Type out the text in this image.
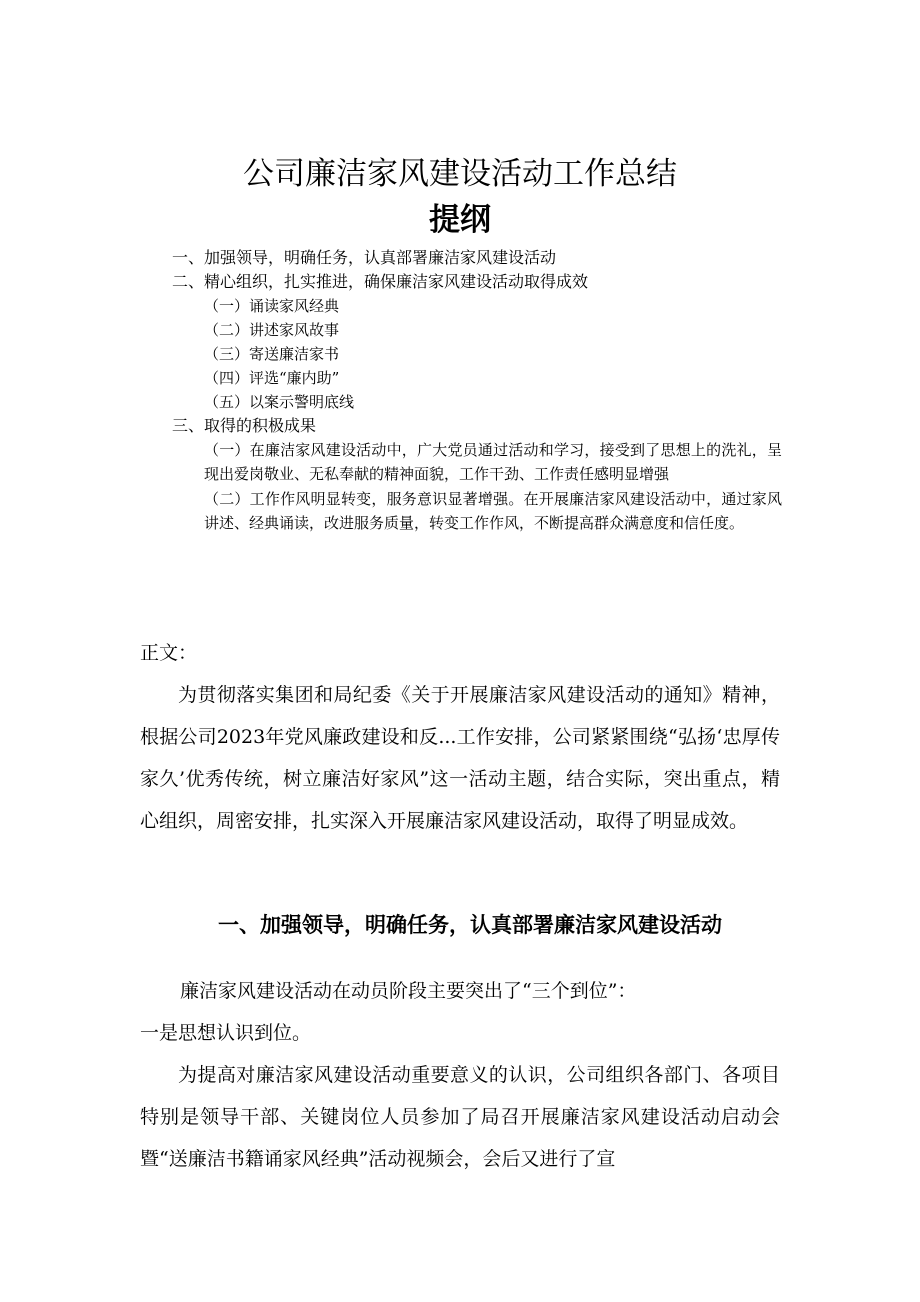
公司廉洁家风建设活动工作总结
提纲
一、加强领导，明确任务，认真部署廉洁家风建设活动
二、精心组织，扎实推进，确保廉洁家风建设活动取得成效
（一）诵读家风经典
（二）讲述家风故事
（三）寄送廉洁家书
（四）评选“廉内助”
（五）以案示警明底线
三、取得的积极成果
（一）在廉洁家风建设活动中，广大党员通过活动和学习，接受到了思想上的洗礼，呈现出爱岗敬业、无私奉献的精神面貌，工作干劲、工作责任感明显增强
（二）工作作风明显转变，服务意识显著增强。在开展廉洁家风建设活动中，通过家风讲述、经典诵读，改进服务质量，转变工作作风，不断提高群众满意度和信任度。
正文：
为贯彻落实集团和局纪委《关于开展廉洁家风建设活动的通知》精神，根据公司2023年党风廉政建设和反...工作安排，公司紧紧围绕“弘扬‘忠厚传家久’优秀传统，树立廉洁好家风”这一活动主题，结合实际，突出重点，精心组织，周密安排，扎实深入开展廉洁家风建设活动，取得了明显成效。
一、加强领导，明确任务，认真部署廉洁家风建设活动
廉洁家风建设活动在动员阶段主要突出了“三个到位”：
一是思想认识到位。
为提高对廉洁家风建设活动重要意义的认识，公司组织各部门、各项目特别是领导干部、关键岗位人员参加了局召开展廉洁家风建设活动启动会暨“送廉洁书籍诵家风经典”活动视频会，会后又进行了宣
